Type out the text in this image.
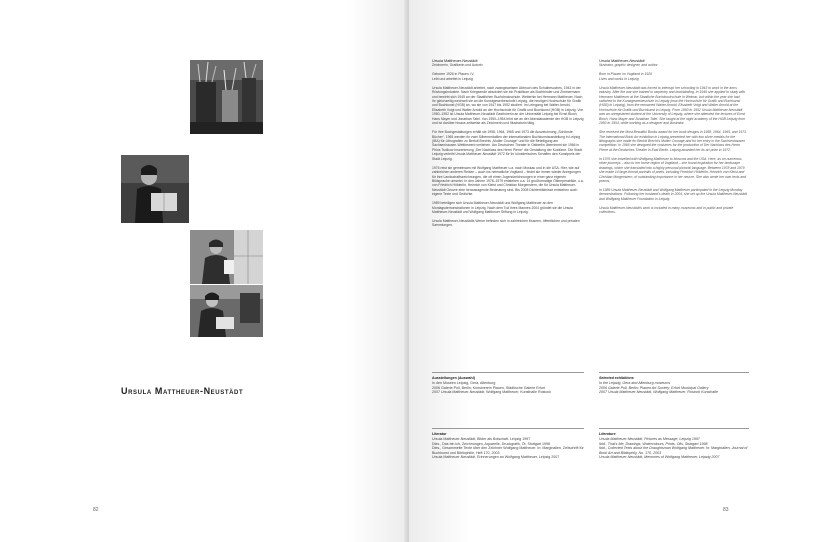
Ursula Mattheuer-Neustädt
82

Ursula Mattheuer-Neustädt
Zeichnerin, Grafikerin und Autorin

Geboren 1926 in Plauen i.V.
Lebt und arbeitet in Leipzig

Ursula Mattheuer-Neustädt arbeitet, nach zwangsweisem Abbruch des Schulbesuches, 1943 in der Rüstungsindustrie. Nach Kriegsende absolviert sie ein Praktikum als Buchbinder und Zimmermann und bewirbt sich 1945 an der Staatlichen Buchdruckschule. Weiterhin bei Hermann Mattheuer. Nach ihr gleichzeitig wechselt sie an die Kunstgewerbeschule Leipzig, die heutigen Hochschule für Grafik und Buchkunst (HGB) an, wo sie von 1947 bis 1952 studiert. Im Lehrgang bei Walter Arnold, Elisabeth Voigt und Walter Arnold an der Hochschule für Grafik und Buchkunst (HGB) in Leipzig. Von 1950–1952 ist Ursula Mattheuer-Neustädt Gasthörerin an der Universität Leipzig bei Ernst Bloch, Hans Mayer und Jonathan Tafel. Von 1950–1954 lehrt sie an der Abendakademie der HGB in Leipzig und ist darüber hinaus zeitweise als Zeichnerin und Illustratorin tätig.

Für ihre Buchgestaltungen erhält sie 1958, 1964, 1965 und 1973 die Auszeichnung „Schönste Bücher“, 1965 werden ihr zwei Silbermedaillen der internationalen Buchkunstausstellung in Leipzig (IBA) für Lithografien zu Bertolt Brechts „Mutter Courage“ und für die Beteiligung am Sachsenhausen-Wettbewerb verliehen. Am Deutschen Theater in Ostberlin übernimmt sie 1966 in Pirlos Tsolkow Inszenierung „Der Nachlass des Herrn Pierre“ die Gestaltung der Kostüme. Die Stadt Leipzig verleiht Ursula Mattheuer-Neustädt 1972 für ihr künstlerisches Schaffen den Kunstpreis der Stadt Leipzig.

1976 reist sie gemeinsam mit Wolfgang Mattheuer u.a. nach Moskau und in die USA. Hier, wie auf zahlreichen anderen Reisen – auch ins heimatliche Vogtland – findet sie immer wieder Anregungen für ihre Landschaftszeichnungen, die oft einen Jugendzeichnungen in einer ganz eigenen Bildsprache umsetzt. In den Jahren 1978–1979 entstehen u.a. 14 großformatige Öltemperabilde, u.a. von Friedrich Hölderlin, Heinrich von Kleist und Christian Morgenstern, die für Ursula Mattheuer-Neustädt Oeuvre eine herausragende Bedeutung sind. Bis 2008 Dichterbildnisse entstehen auch eigene Texte und Gedichte.

1989 beteiligen sich Ursula Mattheuer-Neustädt und Wolfgang Mattheuer an den Montagsdemonstrationen in Leipzig. Nach dem Tod ihres Mannes 2004 gründet sie die Ursula Mattheuer-Neustädt und Wolfgang Mattheuer Stiftung in Leipzig.

Ursula Mattheuer-Neustädts Werke befinden sich in zahlreichen Museen, öffentlichen und privaten Sammlungen.

Ursula Mattheuer-Neustädt
Illustrator, graphic designer, and author

Born in Plauen im Vogtland in 1926
Lives and works in Leipzig

Ursula Mattheuer-Neustädt was forced to interrupt her schooling in 1943 to work in the arms industry. After the war she trained in carpentry and bookbinding. In 1945 she applied to study with Hermann Mattheuer at the Staatliche Buchdruckschule in Weimar, but within the year she had switched to the Kunstgewerbeschule in Leipzig (now the Hochschule für Grafik und Buchkunst (HGB) in Leipzig), from the renowned Walter Arnold, Elisabeth Voigt and Walter Arnold at the Hochschule für Grafik und Buchkunst in Leipzig. From 1950 to 1952 Ursula Mattheuer-Neustädt was an unregistered student at the University of Leipzig, where she attended the lectures of Ernst Bloch, Hans Mayer and Jonathan Tafel. She taught at the night academy of the HGB Leipzig from 1950 to 1954, while working as a designer and illustrator.

She received the Most Beautiful Books award for her book designs in 1958, 1964, 1965, and 1973. The International Book Art exhibition in Leipzig presented her with two silver medals for the lithographs she made for Bertolt Brecht's Mutter Courage and for her entry in the Sachsenhausen competition. In 1966 she designed the costumes for the production of Der Nachlass des Herrn Pierre at the Deutsches Theater in East Berlin. Leipzig awarded her its art prize in 1972.

In 1976 she travelled with Wolfgang Mattheuer to Moscow and the USA. Here, as on numerous other journeys – also to her home region of Vogtland – she found inspiration for her landscape drawings, which she translated into a highly personal pictorial language. Between 1978 and 1979 she made 14 large-format portraits of poets, including Friedrich Hölderlin, Heinrich von Kleist and Christian Morgenstern, of outstanding importance in her oeuvre. She also wrote her own texts and poems.

In 1989 Ursula Mattheuer-Neustädt and Wolfgang Mattheuer participated in the Leipzig Monday demonstrations. Following her husband's death in 2004, she set up the Ursula Mattheuer-Neustädt and Wolfgang Mattheuer Foundation in Leipzig.

Ursula Mattheuer-Neustädt's work is included in many museums and in public and private collections.

Ausstellungen (Auswahl)
In den Museen Leipzig, Gera, Altenburg
2006 Galerie Poll, Berlin; Kunstverein Plauen, Städtische Galerie Erfurt
2007 Ursula Mattheuer-Neustädt, Wolfgang Mattheuer, Kunsthalle Rostock
Literatur
Ursula Mattheuer-Neustädt, Bilder als Botschaft. Leipzig 1997
Dies., Das bin ich, Zeichnungen, Aquarelle, Druckgrafik, Öl, Stuttgart 1998
Dies., Gesammelte Texte über den Zeichner Wolfgang Mattheuer. In: Marginalien, Zeitschrift für Buchkunst und Bibliophilie, Heft 170, 2003
Ursula Mattheuer-Neustädt, Erinnerungen an Wolfgang Mattheuer, Leipzig 2007
Selected exhibitions
In the Leipzig, Gera and Altenburg museums
2006 Galerie Poll, Berlin; Plauen Art Society; Erfurt Municipal Gallery
2007 Ursula Mattheuer-Neustädt, Wolfgang Mattheuer, Rostock Kunsthalle
Literature
Ursula Mattheuer-Neustädt, Pictures as Message, Leipzig 1997
Ibid., That's Me, Drawings, Watercolours, Prints, Oils, Stuttgart 1998
Ibid., Collected Texts about the Draughtsman Wolfgang Mattheuer. In: Marginalien, Journal of Book Art and Bibliophily, No. 170, 2003
Ursula Mattheuer-Neustädt, Memories of Wolfgang Mattheuer, Leipzig 2007
83
